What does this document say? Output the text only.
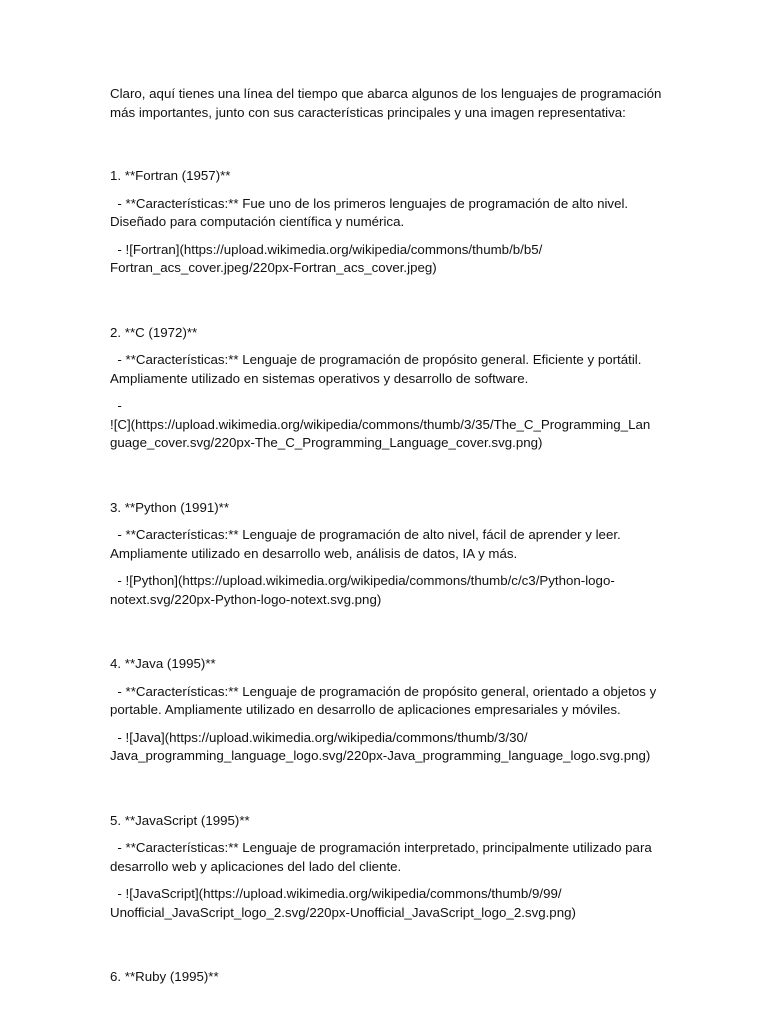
Claro, aquí tienes una línea del tiempo que abarca algunos de los lenguajes de programación más importantes, junto con sus características principales y una imagen representativa:

1. **Fortran (1957)**

- **Características:** Fue uno de los primeros lenguajes de programación de alto nivel. Diseñado para computación científica y numérica.

- ![Fortran](https://upload.wikimedia.org/wikipedia/commons/thumb/b/b5/
Fortran_acs_cover.jpeg/220px-Fortran_acs_cover.jpeg)

2. **C (1972)**

- **Características:** Lenguaje de programación de propósito general. Eficiente y portátil. Ampliamente utilizado en sistemas operativos y desarrollo de software.

-
![C](https://upload.wikimedia.org/wikipedia/commons/thumb/3/35/The_C_Programming_Lan
guage_cover.svg/220px-The_C_Programming_Language_cover.svg.png)

3. **Python (1991)**

- **Características:** Lenguaje de programación de alto nivel, fácil de aprender y leer. Ampliamente utilizado en desarrollo web, análisis de datos, IA y más.

- ![Python](https://upload.wikimedia.org/wikipedia/commons/thumb/c/c3/Python-logo-
notext.svg/220px-Python-logo-notext.svg.png)

4. **Java (1995)**

- **Características:** Lenguaje de programación de propósito general, orientado a objetos y portable. Ampliamente utilizado en desarrollo de aplicaciones empresariales y móviles.

- ![Java](https://upload.wikimedia.org/wikipedia/commons/thumb/3/30/
Java_programming_language_logo.svg/220px-Java_programming_language_logo.svg.png)

5. **JavaScript (1995)**

- **Características:** Lenguaje de programación interpretado, principalmente utilizado para desarrollo web y aplicaciones del lado del cliente.

- ![JavaScript](https://upload.wikimedia.org/wikipedia/commons/thumb/9/99/
Unofficial_JavaScript_logo_2.svg/220px-Unofficial_JavaScript_logo_2.svg.png)

6. **Ruby (1995)**
